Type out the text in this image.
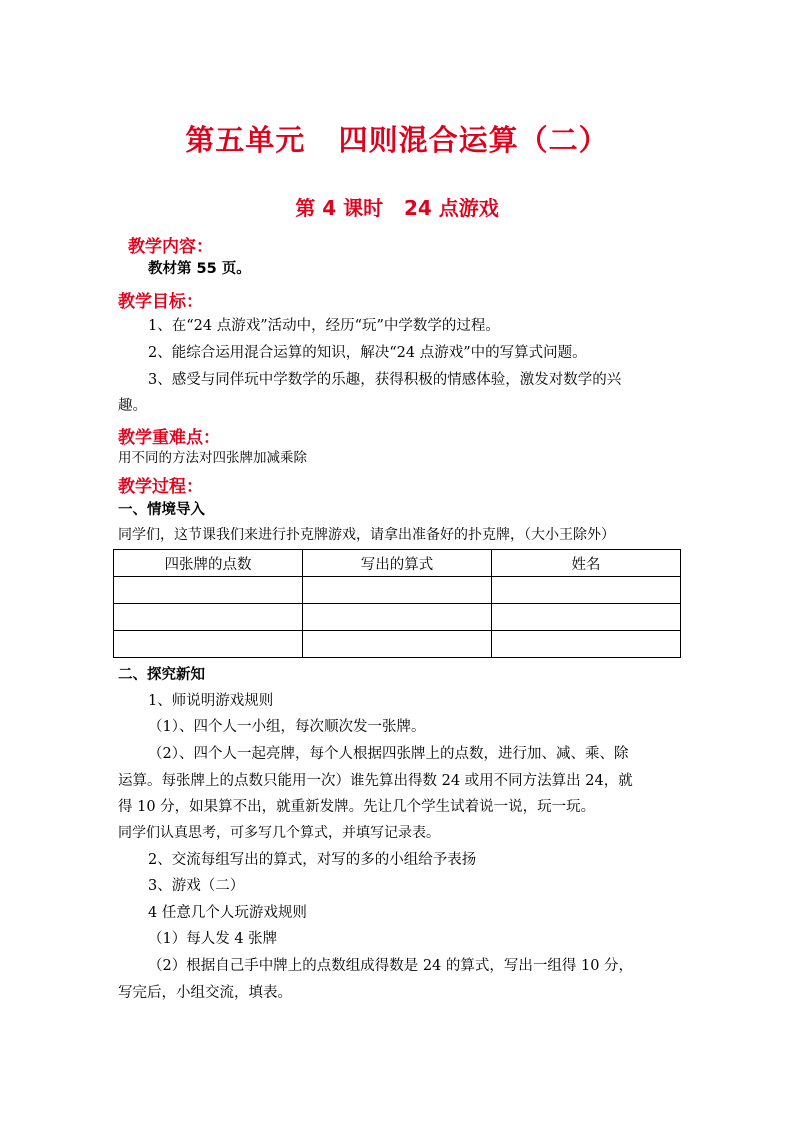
第五单元   四则混合运算（二）
第 4 课时   24 点游戏
教学内容：
教材第 55 页。
教学目标：
1、在“24 点游戏”活动中，经历“玩”中学数学的过程。
2、能综合运用混合运算的知识，解决“24 点游戏”中的写算式问题。
3、感受与同伴玩中学数学的乐趣，获得积极的情感体验，激发对数学的兴
趣。
教学重难点：
用不同的方法对四张牌加减乘除
教学过程：
一、情境导入
同学们，这节课我们来进行扑克牌游戏，请拿出准备好的扑克牌，（大小王除外）
四张牌的点数	写出的算式	姓名

二、探究新知
1、师说明游戏规则
（1）、四个人一小组，每次顺次发一张牌。
（2）、四个人一起亮牌，每个人根据四张牌上的点数，进行加、减、乘、除
运算。每张牌上的点数只能用一次）谁先算出得数 24 或用不同方法算出 24，就
得 10 分，如果算不出，就重新发牌。先让几个学生试着说一说，玩一玩。
同学们认真思考，可多写几个算式，并填写记录表。
2、交流每组写出的算式，对写的多的小组给予表扬
3、游戏（二）
4 任意几个人玩游戏规则
（1）每人发 4 张牌
（2）根据自己手中牌上的点数组成得数是 24 的算式，写出一组得 10 分，
写完后，小组交流，填表。
